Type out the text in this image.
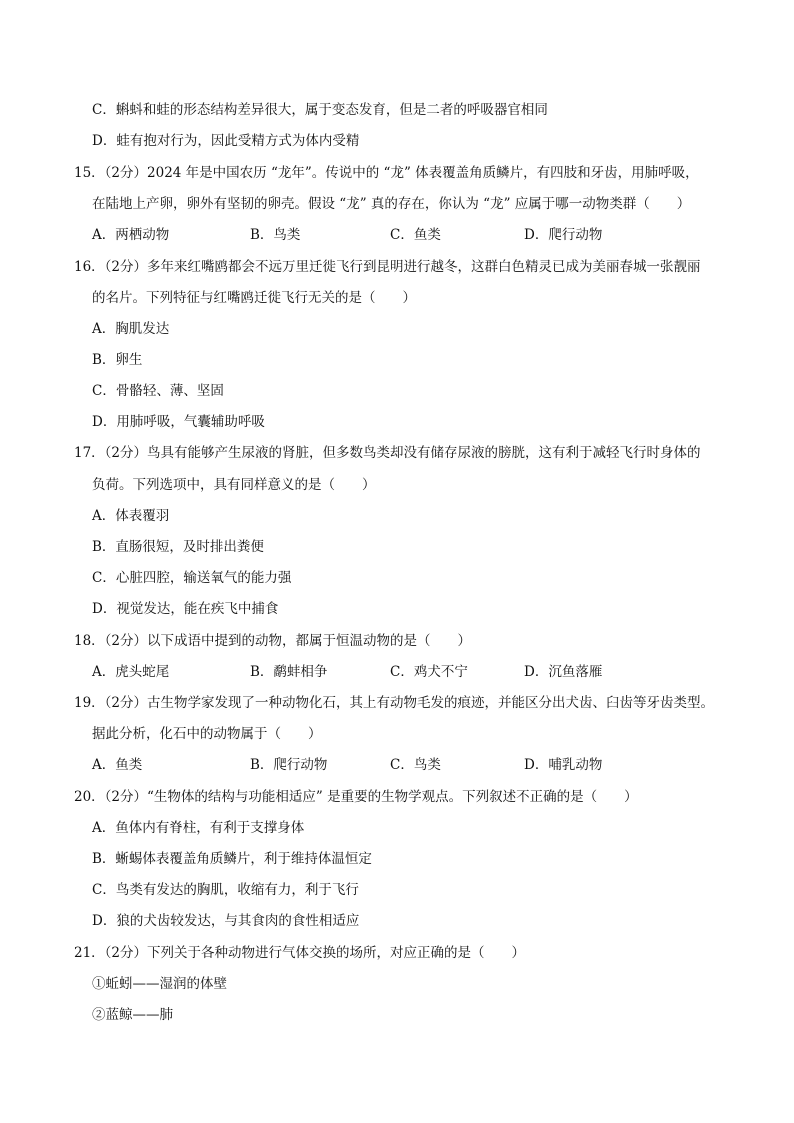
C．蝌蚪和蛙的形态结构差异很大，属于变态发育，但是二者的呼吸器官相同
D．蛙有抱对行为，因此受精方式为体内受精
15．（2分）2024 年是中国农历 “龙年”。传说中的 “龙” 体表覆盖角质鳞片，有四肢和牙齿，用肺呼吸，
在陆地上产卵，卵外有坚韧的卵壳。假设 “龙” 真的存在，你认为 “龙” 应属于哪一动物类群（　　）
A．两栖动物	B．鸟类	C．鱼类	D．爬行动物
16．（2分）多年来红嘴鸥都会不远万里迁徙飞行到昆明进行越冬，这群白色精灵已成为美丽春城一张靓丽
的名片。下列特征与红嘴鸥迁徙飞行无关的是（　　）
A．胸肌发达
B．卵生
C．骨骼轻、薄、坚固
D．用肺呼吸，气囊辅助呼吸
17．（2分）鸟具有能够产生尿液的肾脏，但多数鸟类却没有储存尿液的膀胱，这有利于减轻飞行时身体的
负荷。下列选项中，具有同样意义的是（　　）
A．体表覆羽
B．直肠很短，及时排出粪便
C．心脏四腔，输送氧气的能力强
D．视觉发达，能在疾飞中捕食
18．（2分）以下成语中提到的动物，都属于恒温动物的是（　　）
A．虎头蛇尾	B．鹬蚌相争	C．鸡犬不宁	D．沉鱼落雁
19．（2分）古生物学家发现了一种动物化石，其上有动物毛发的痕迹，并能区分出犬齿、臼齿等牙齿类型。
据此分析，化石中的动物属于（　　）
A．鱼类	B．爬行动物	C．鸟类	D．哺乳动物
20．（2分）“生物体的结构与功能相适应” 是重要的生物学观点。下列叙述不正确的是（　　）
A．鱼体内有脊柱，有利于支撑身体
B．蜥蜴体表覆盖角质鳞片，利于维持体温恒定
C．鸟类有发达的胸肌，收缩有力，利于飞行
D．狼的犬齿较发达，与其食肉的食性相适应
21．（2分）下列关于各种动物进行气体交换的场所，对应正确的是（　　）
①蚯蚓——湿润的体壁
②蓝鲸——肺
